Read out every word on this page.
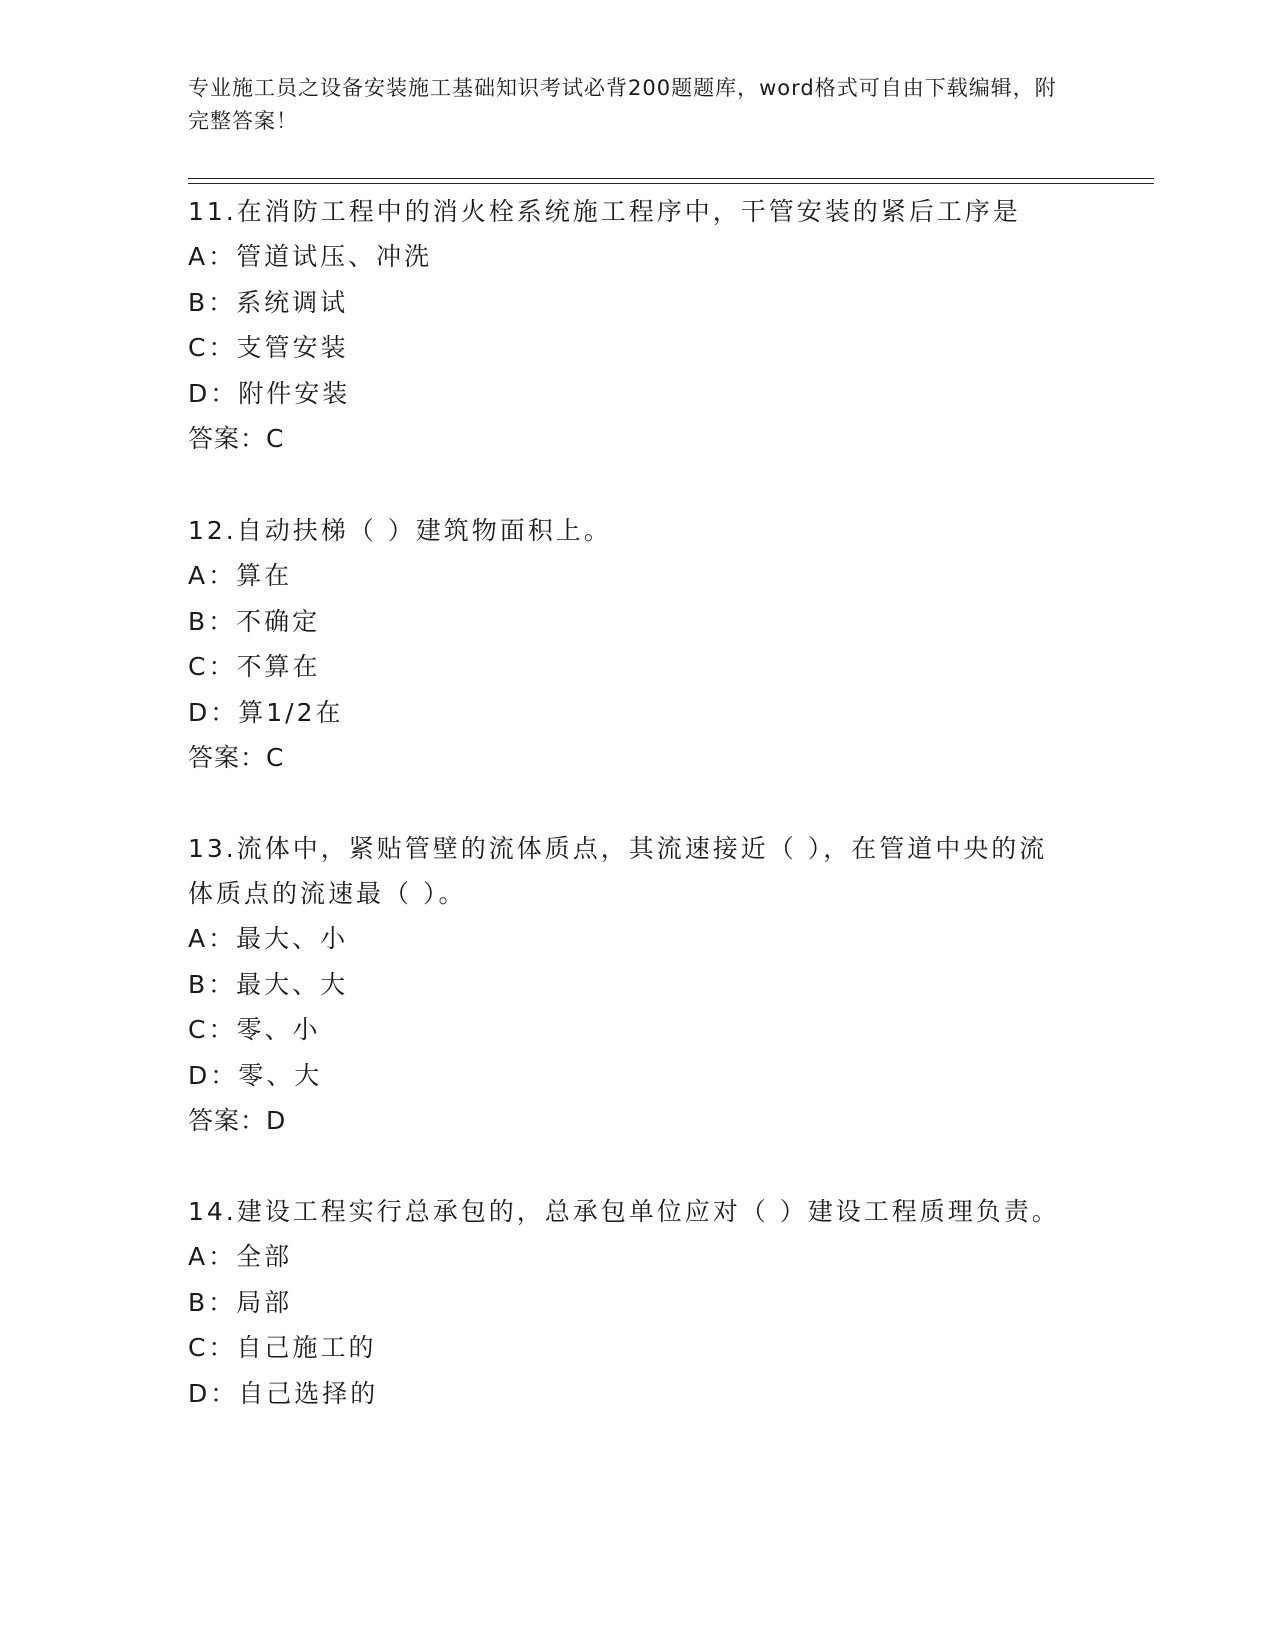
专业施工员之设备安装施工基础知识考试必背200题题库，word格式可自由下载编辑，附完整答案！

11.在消防工程中的消火栓系统施工程序中，干管安装的紧后工序是

A：管道试压、冲洗

B：系统调试

C：支管安装

D：附件安装

答案：C

12.自动扶梯（ ）建筑物面积上。

A：算在

B：不确定

C：不算在

D：算1/2在

答案：C

13.流体中，紧贴管壁的流体质点，其流速接近（ ），在管道中央的流体质点的流速最（ ）。

A：最大、小

B：最大、大

C：零、小

D：零、大

答案：D

14.建设工程实行总承包的，总承包单位应对（ ）建设工程质理负责。

A：全部

B：局部

C：自己施工的

D：自己选择的
